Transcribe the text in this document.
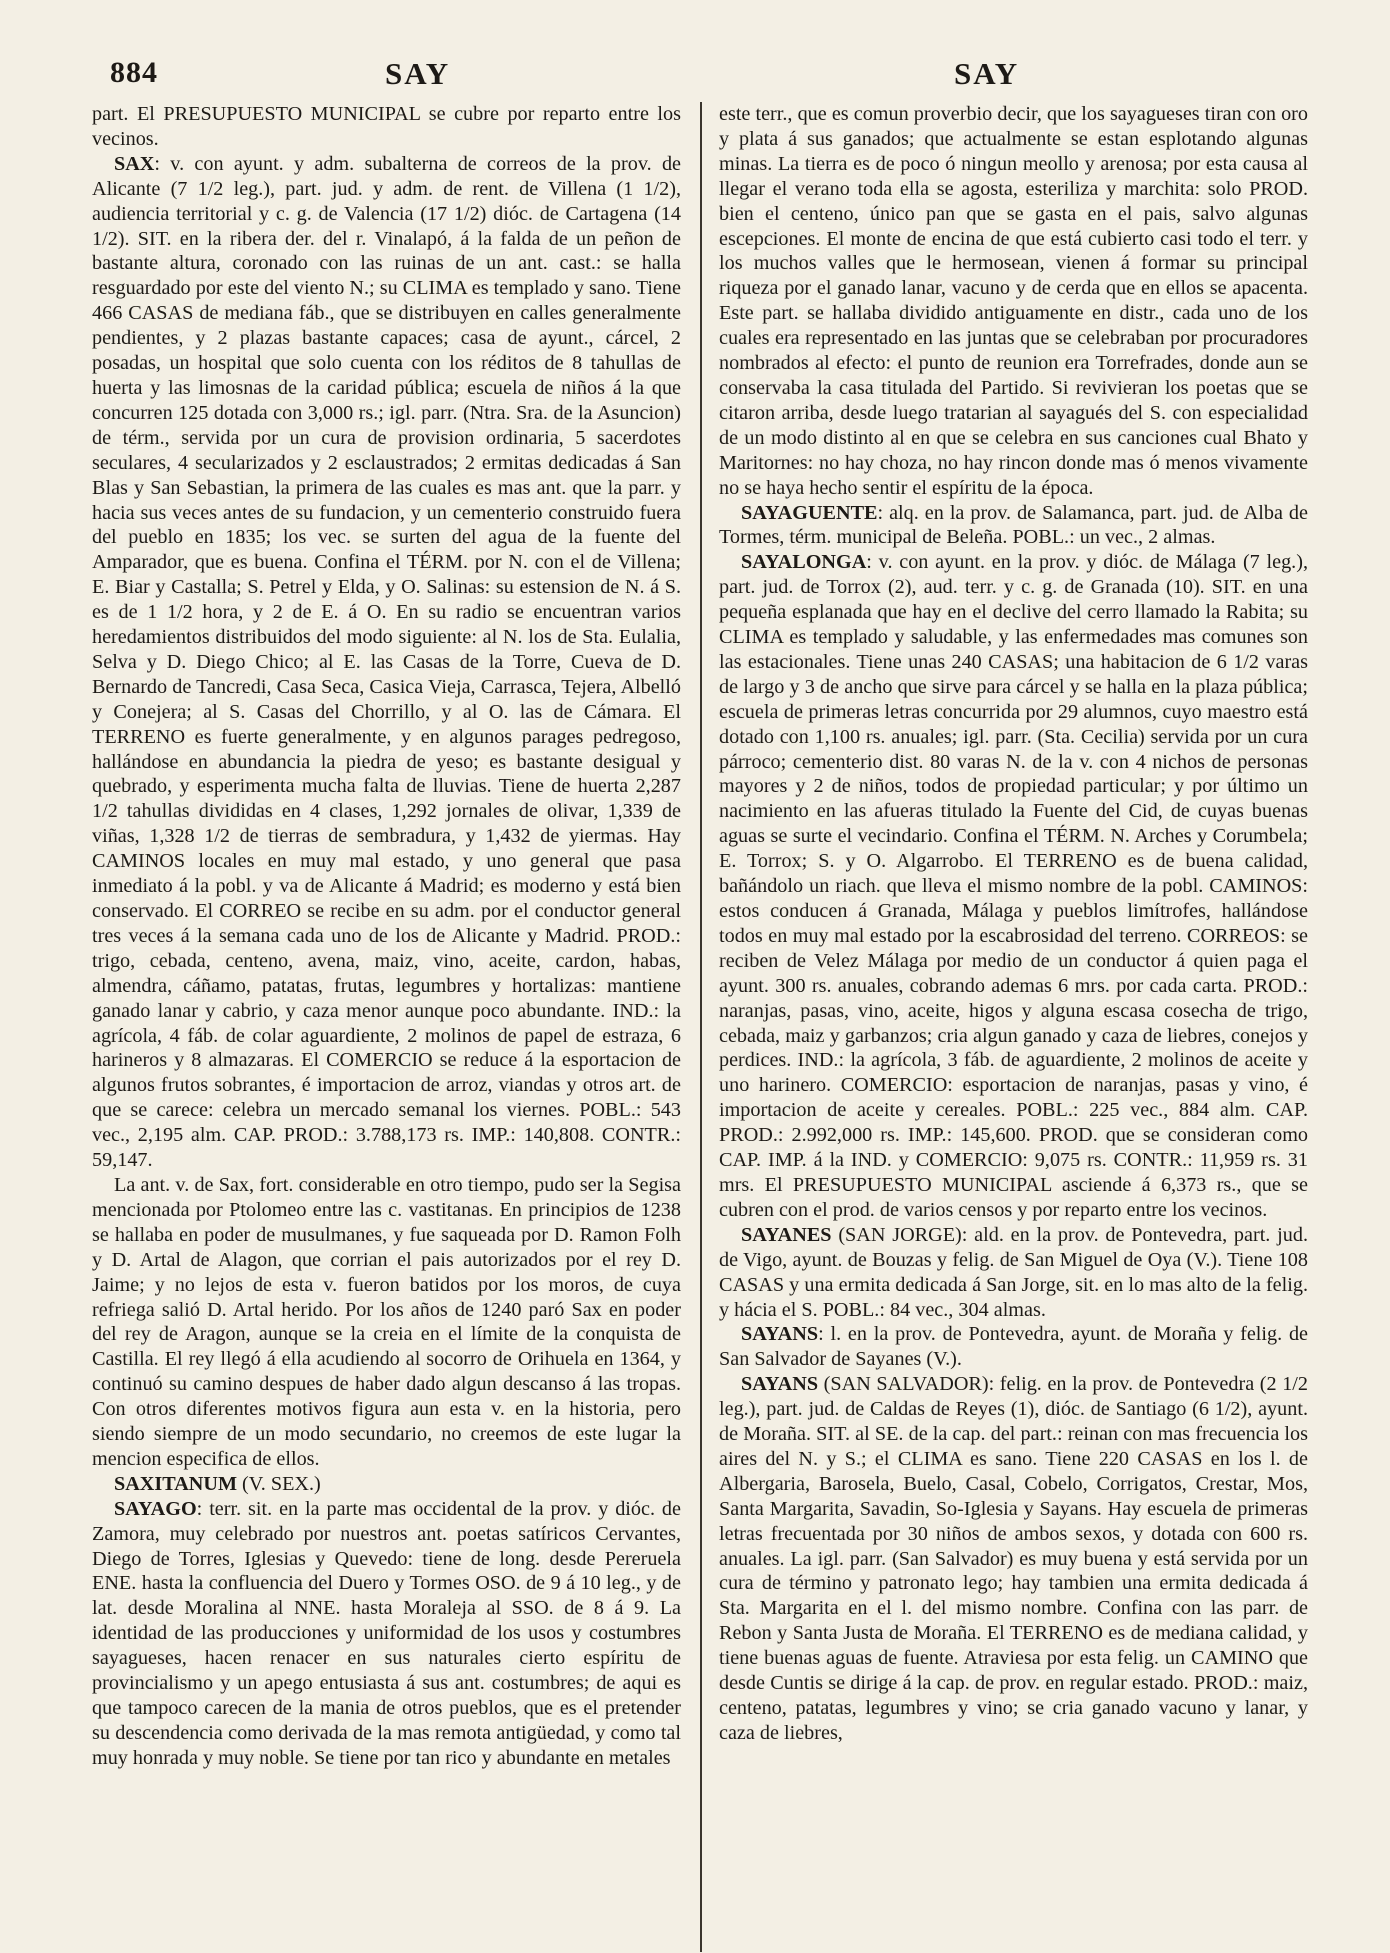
884	SAY	SAY

part. El PRESUPUESTO MUNICIPAL se cubre por reparto entre los vecinos.

SAX: v. con ayunt. y adm. subalterna de correos de la prov. de Alicante (7 1/2 leg.), part. jud. y adm. de rent. de Villena (1 1/2), audiencia territorial y c. g. de Valencia (17 1/2) dióc. de Cartagena (14 1/2). SIT. en la ribera der. del r. Vinalapó, á la falda de un peñon de bastante altura, coronado con las ruinas de un ant. cast.: se halla resguardado por este del viento N.; su CLIMA es templado y sano. Tiene 466 CASAS de mediana fáb., que se distribuyen en calles generalmente pendientes, y 2 plazas bastante capaces; casa de ayunt., cárcel, 2 posadas, un hospital que solo cuenta con los réditos de 8 tahullas de huerta y las limosnas de la caridad pública; escuela de niños á la que concurren 125 dotada con 3,000 rs.; igl. parr. (Ntra. Sra. de la Asuncion) de térm., servida por un cura de provision ordinaria, 5 sacerdotes seculares, 4 secularizados y 2 esclaustrados; 2 ermitas dedicadas á San Blas y San Sebastian, la primera de las cuales es mas ant. que la parr. y hacia sus veces antes de su fundacion, y un cementerio construido fuera del pueblo en 1835; los vec. se surten del agua de la fuente del Amparador, que es buena. Confina el TÉRM. por N. con el de Villena; E. Biar y Castalla; S. Petrel y Elda, y O. Salinas: su estension de N. á S. es de 1 1/2 hora, y 2 de E. á O. En su radio se encuentran varios heredamientos distribuidos del modo siguiente: al N. los de Sta. Eulalia, Selva y D. Diego Chico; al E. las Casas de la Torre, Cueva de D. Bernardo de Tancredi, Casa Seca, Casica Vieja, Carrasca, Tejera, Albelló y Conejera; al S. Casas del Chorrillo, y al O. las de Cámara. El TERRENO es fuerte generalmente, y en algunos parages pedregoso, hallándose en abundancia la piedra de yeso; es bastante desigual y quebrado, y esperimenta mucha falta de lluvias. Tiene de huerta 2,287 1/2 tahullas divididas en 4 clases, 1,292 jornales de olivar, 1,339 de viñas, 1,328 1/2 de tierras de sembradura, y 1,432 de yiermas. Hay CAMINOS locales en muy mal estado, y uno general que pasa inmediato á la pobl. y va de Alicante á Madrid; es moderno y está bien conservado. El CORREO se recibe en su adm. por el conductor general tres veces á la semana cada uno de los de Alicante y Madrid. PROD.: trigo, cebada, centeno, avena, maiz, vino, aceite, cardon, habas, almendra, cáñamo, patatas, frutas, legumbres y hortalizas: mantiene ganado lanar y cabrio, y caza menor aunque poco abundante. IND.: la agrícola, 4 fáb. de colar aguardiente, 2 molinos de papel de estraza, 6 harineros y 8 almazaras. El COMERCIO se reduce á la esportacion de algunos frutos sobrantes, é importacion de arroz, viandas y otros art. de que se carece: celebra un mercado semanal los viernes. POBL.: 543 vec., 2,195 alm. CAP. PROD.: 3.788,173 rs. IMP.: 140,808. CONTR.: 59,147.

La ant. v. de Sax, fort. considerable en otro tiempo, pudo ser la Segisa mencionada por Ptolomeo entre las c. vastitanas. En principios de 1238 se hallaba en poder de musulmanes, y fue saqueada por D. Ramon Folh y D. Artal de Alagon, que corrian el pais autorizados por el rey D. Jaime; y no lejos de esta v. fueron batidos por los moros, de cuya refriega salió D. Artal herido. Por los años de 1240 paró Sax en poder del rey de Aragon, aunque se la creia en el límite de la conquista de Castilla. El rey llegó á ella acudiendo al socorro de Orihuela en 1364, y continuó su camino despues de haber dado algun descanso á las tropas. Con otros diferentes motivos figura aun esta v. en la historia, pero siendo siempre de un modo secundario, no creemos de este lugar la mencion especifica de ellos.

SAXITANUM (V. SEX.)

SAYAGO: terr. sit. en la parte mas occidental de la prov. y dióc. de Zamora, muy celebrado por nuestros ant. poetas satíricos Cervantes, Diego de Torres, Iglesias y Quevedo: tiene de long. desde Pereruela ENE. hasta la confluencia del Duero y Tormes OSO. de 9 á 10 leg., y de lat. desde Moralina al NNE. hasta Moraleja al SSO. de 8 á 9. La identidad de las producciones y uniformidad de los usos y costumbres sayagueses, hacen renacer en sus naturales cierto espíritu de provincialismo y un apego entusiasta á sus ant. costumbres; de aqui es que tampoco carecen de la mania de otros pueblos, que es el pretender su descendencia como derivada de la mas remota antigüedad, y como tal muy honrada y muy noble. Se tiene por tan rico y abundante en metales

este terr., que es comun proverbio decir, que los sayagueses tiran con oro y plata á sus ganados; que actualmente se estan esplotando algunas minas. La tierra es de poco ó ningun meollo y arenosa; por esta causa al llegar el verano toda ella se agosta, esteriliza y marchita: solo PROD. bien el centeno, único pan que se gasta en el pais, salvo algunas escepciones. El monte de encina de que está cubierto casi todo el terr. y los muchos valles que le hermosean, vienen á formar su principal riqueza por el ganado lanar, vacuno y de cerda que en ellos se apacenta. Este part. se hallaba dividido antiguamente en distr., cada uno de los cuales era representado en las juntas que se celebraban por procuradores nombrados al efecto: el punto de reunion era Torrefrades, donde aun se conservaba la casa titulada del Partido. Si revivieran los poetas que se citaron arriba, desde luego tratarian al sayagués del S. con especialidad de un modo distinto al en que se celebra en sus canciones cual Bhato y Maritornes: no hay choza, no hay rincon donde mas ó menos vivamente no se haya hecho sentir el espíritu de la época.

SAYAGUENTE: alq. en la prov. de Salamanca, part. jud. de Alba de Tormes, térm. municipal de Beleña. POBL.: un vec., 2 almas.

SAYALONGA: v. con ayunt. en la prov. y dióc. de Málaga (7 leg.), part. jud. de Torrox (2), aud. terr. y c. g. de Granada (10). SIT. en una pequeña esplanada que hay en el declive del cerro llamado la Rabita; su CLIMA es templado y saludable, y las enfermedades mas comunes son las estacionales. Tiene unas 240 CASAS; una habitacion de 6 1/2 varas de largo y 3 de ancho que sirve para cárcel y se halla en la plaza pública; escuela de primeras letras concurrida por 29 alumnos, cuyo maestro está dotado con 1,100 rs. anuales; igl. parr. (Sta. Cecilia) servida por un cura párroco; cementerio dist. 80 varas N. de la v. con 4 nichos de personas mayores y 2 de niños, todos de propiedad particular; y por último un nacimiento en las afueras titulado la Fuente del Cid, de cuyas buenas aguas se surte el vecindario. Confina el TÉRM. N. Arches y Corumbela; E. Torrox; S. y O. Algarrobo. El TERRENO es de buena calidad, bañándolo un riach. que lleva el mismo nombre de la pobl. CAMINOS: estos conducen á Granada, Málaga y pueblos limítrofes, hallándose todos en muy mal estado por la escabrosidad del terreno. CORREOS: se reciben de Velez Málaga por medio de un conductor á quien paga el ayunt. 300 rs. anuales, cobrando ademas 6 mrs. por cada carta. PROD.: naranjas, pasas, vino, aceite, higos y alguna escasa cosecha de trigo, cebada, maiz y garbanzos; cria algun ganado y caza de liebres, conejos y perdices. IND.: la agrícola, 3 fáb. de aguardiente, 2 molinos de aceite y uno harinero. COMERCIO: esportacion de naranjas, pasas y vino, é importacion de aceite y cereales. POBL.: 225 vec., 884 alm. CAP. PROD.: 2.992,000 rs. IMP.: 145,600. PROD. que se consideran como CAP. IMP. á la IND. y COMERCIO: 9,075 rs. CONTR.: 11,959 rs. 31 mrs. El PRESUPUESTO MUNICIPAL asciende á 6,373 rs., que se cubren con el prod. de varios censos y por reparto entre los vecinos.

SAYANES (SAN JORGE): ald. en la prov. de Pontevedra, part. jud. de Vigo, ayunt. de Bouzas y felig. de San Miguel de Oya (V.). Tiene 108 CASAS y una ermita dedicada á San Jorge, sit. en lo mas alto de la felig. y hácia el S. POBL.: 84 vec., 304 almas.

SAYANS: l. en la prov. de Pontevedra, ayunt. de Moraña y felig. de San Salvador de Sayanes (V.).

SAYANS (SAN SALVADOR): felig. en la prov. de Pontevedra (2 1/2 leg.), part. jud. de Caldas de Reyes (1), dióc. de Santiago (6 1/2), ayunt. de Moraña. SIT. al SE. de la cap. del part.: reinan con mas frecuencia los aires del N. y S.; el CLIMA es sano. Tiene 220 CASAS en los l. de Albergaria, Barosela, Buelo, Casal, Cobelo, Corrigatos, Crestar, Mos, Santa Margarita, Savadin, So-Iglesia y Sayans. Hay escuela de primeras letras frecuentada por 30 niños de ambos sexos, y dotada con 600 rs. anuales. La igl. parr. (San Salvador) es muy buena y está servida por un cura de término y patronato lego; hay tambien una ermita dedicada á Sta. Margarita en el l. del mismo nombre. Confina con las parr. de Rebon y Santa Justa de Moraña. El TERRENO es de mediana calidad, y tiene buenas aguas de fuente. Atraviesa por esta felig. un CAMINO que desde Cuntis se dirige á la cap. de prov. en regular estado. PROD.: maiz, centeno, patatas, legumbres y vino; se cria ganado vacuno y lanar, y caza de liebres,
